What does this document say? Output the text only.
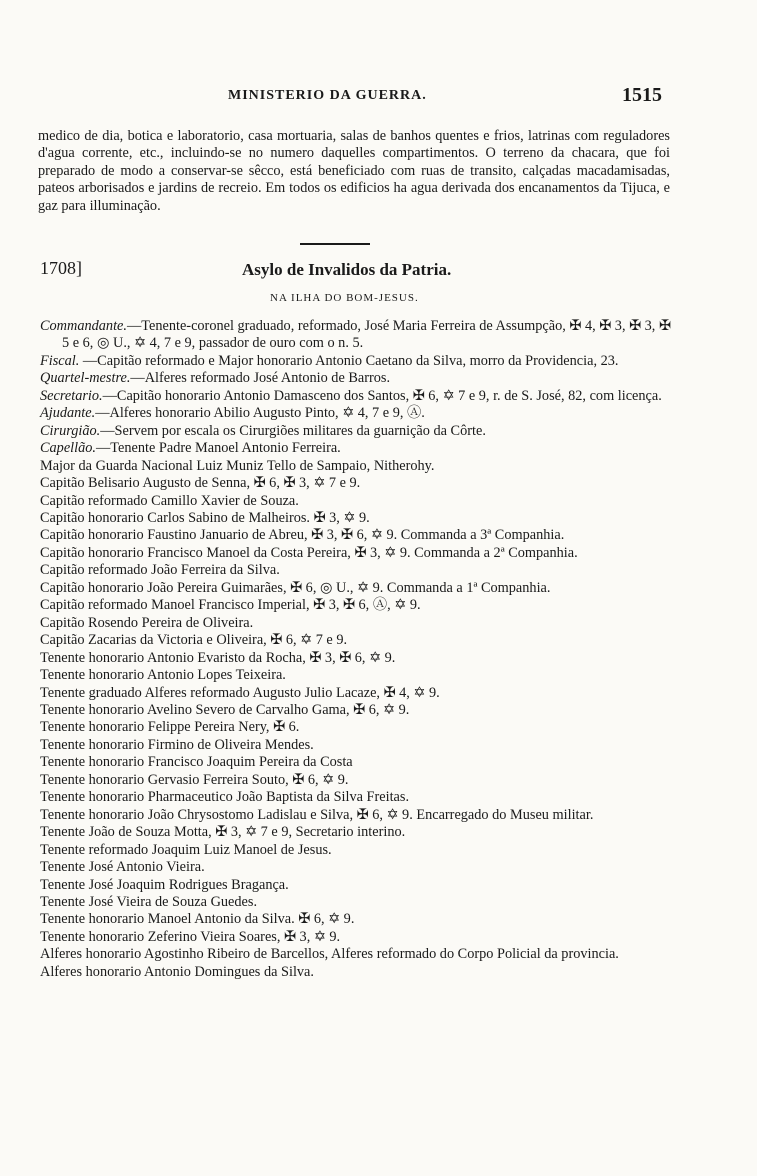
MINISTERIO DA GUERRA.	1515

medico de dia, botica e laboratorio, casa mortuaria, salas de banhos quentes e frios, latrinas com reguladores d'agua corrente, etc., incluindo-se no numero daquelles compartimentos. O terreno da chacara, que foi preparado de modo a conservar-se sêcco, está beneficiado com ruas de transito, calçadas macadamisadas, pateos arborisados e jardins de recreio. Em todos os edificios ha agua derivada dos encanamentos da Tijuca, e gaz para illuminação.

1708]	Asylo de Invalidos da Patria.
NA ILHA DO BOM-JESUS.
Commandante.—Tenente-coronel graduado, reformado, José Maria Ferreira de Assumpção, ✠ 4, ✠ 3, ✠ 3, ✠ 5 e 6, ◎ U., ✡ 4, 7 e 9, passador de ouro com o n. 5.
Fiscal. —Capitão reformado e Major honorario Antonio Caetano da Silva, morro da Providencia, 23.
Quartel-mestre.—Alferes reformado José Antonio de Barros.
Secretario.—Capitão honorario Antonio Damasceno dos Santos, ✠ 6, ✡ 7 e 9, r. de S. José, 82, com licença.
Ajudante.—Alferes honorario Abilio Augusto Pinto, ✡ 4, 7 e 9, Ⓐ.
Cirurgião.—Servem por escala os Cirurgiões militares da guarnição da Côrte.
Capellão.—Tenente Padre Manoel Antonio Ferreira.
Major da Guarda Nacional Luiz Muniz Tello de Sampaio, Nitherohy.
Capitão Belisario Augusto de Senna, ✠ 6, ✠ 3, ✡ 7 e 9.
Capitão reformado Camillo Xavier de Souza.
Capitão honorario Carlos Sabino de Malheiros. ✠ 3, ✡ 9.
Capitão honorario Faustino Januario de Abreu, ✠ 3, ✠ 6, ✡ 9. Commanda a 3ª Companhia.
Capitão honorario Francisco Manoel da Costa Pereira, ✠ 3, ✡ 9. Commanda a 2ª Companhia.
Capitão reformado João Ferreira da Silva.
Capitão honorario João Pereira Guimarães, ✠ 6, ◎ U., ✡ 9. Commanda a 1ª Companhia.
Capitão reformado Manoel Francisco Imperial, ✠ 3, ✠ 6, Ⓐ, ✡ 9.
Capitão Rosendo Pereira de Oliveira.
Capitão Zacarias da Victoria e Oliveira, ✠ 6, ✡ 7 e 9.
Tenente honorario Antonio Evaristo da Rocha, ✠ 3, ✠ 6, ✡ 9.
Tenente honorario Antonio Lopes Teixeira.
Tenente graduado Alferes reformado Augusto Julio Lacaze, ✠ 4, ✡ 9.
Tenente honorario Avelino Severo de Carvalho Gama, ✠ 6, ✡ 9.
Tenente honorario Felippe Pereira Nery, ✠ 6.
Tenente honorario Firmino de Oliveira Mendes.
Tenente honorario Francisco Joaquim Pereira da Costa
Tenente honorario Gervasio Ferreira Souto, ✠ 6, ✡ 9.
Tenente honorario Pharmaceutico João Baptista da Silva Freitas.
Tenente honorario João Chrysostomo Ladislau e Silva, ✠ 6, ✡ 9. Encarregado do Museu militar.
Tenente João de Souza Motta, ✠ 3, ✡ 7 e 9, Secretario interino.
Tenente reformado Joaquim Luiz Manoel de Jesus.
Tenente José Antonio Vieira.
Tenente José Joaquim Rodrigues Bragança.
Tenente José Vieira de Souza Guedes.
Tenente honorario Manoel Antonio da Silva. ✠ 6, ✡ 9.
Tenente honorario Zeferino Vieira Soares, ✠ 3, ✡ 9.
Alferes honorario Agostinho Ribeiro de Barcellos, Alferes reformado do Corpo Policial da provincia.
Alferes honorario Antonio Domingues da Silva.
